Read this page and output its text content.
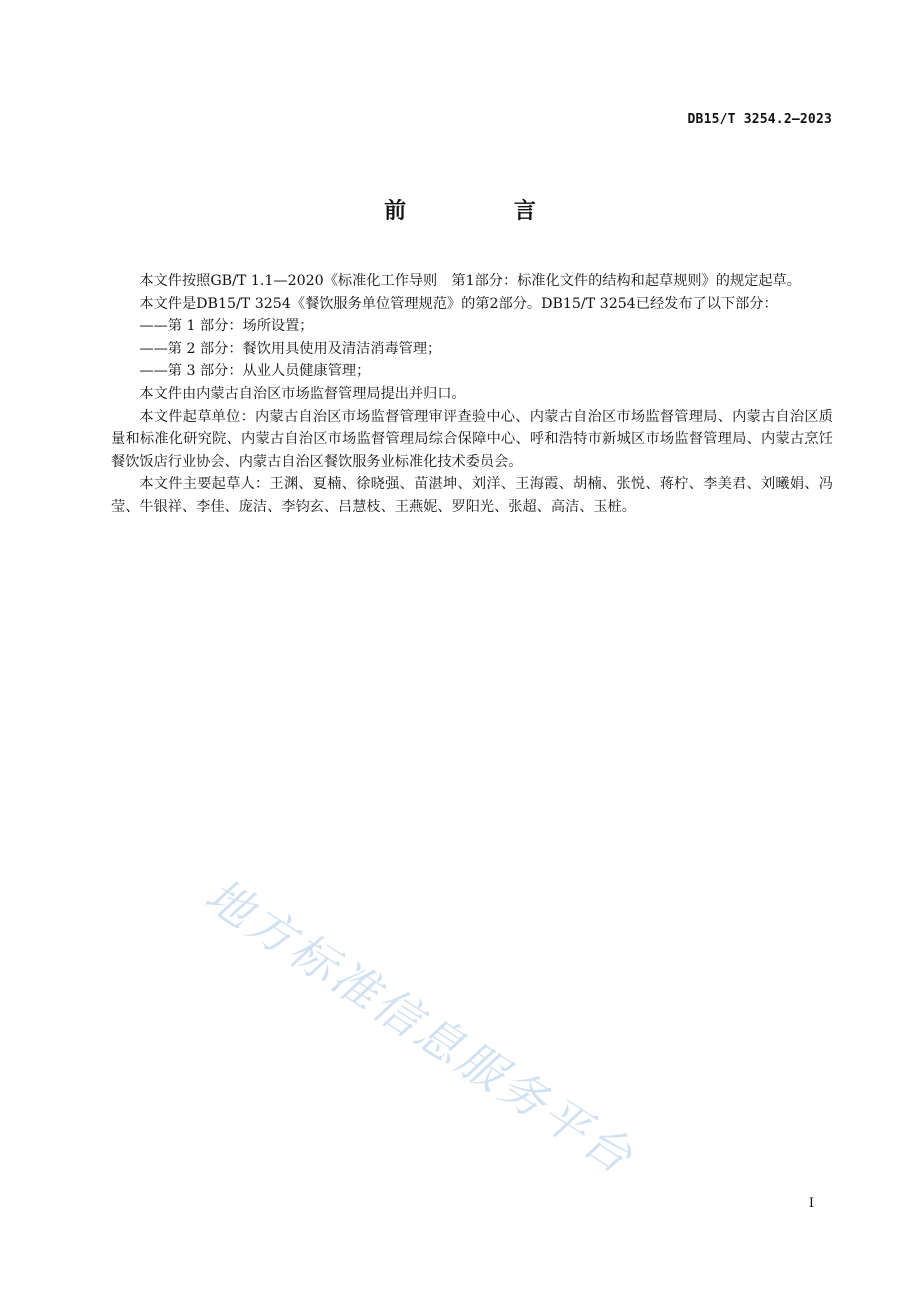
DB15/T 3254.2—2023
前 言

本文件按照GB/T 1.1—2020《标准化工作导则　第1部分：标准化文件的结构和起草规则》的规定起草。

本文件是DB15/T 3254《餐饮服务单位管理规范》的第2部分。DB15/T 3254已经发布了以下部分：

——第 1 部分：场所设置；

——第 2 部分：餐饮用具使用及清洁消毒管理；

——第 3 部分：从业人员健康管理；

本文件由内蒙古自治区市场监督管理局提出并归口。

本文件起草单位：内蒙古自治区市场监督管理审评查验中心、内蒙古自治区市场监督管理局、内蒙古自治区质量和标准化研究院、内蒙古自治区市场监督管理局综合保障中心、呼和浩特市新城区市场监督管理局、内蒙古烹饪餐饮饭店行业协会、内蒙古自治区餐饮服务业标准化技术委员会。

本文件主要起草人：王渊、夏楠、徐晓强、苗湛坤、刘洋、王海霞、胡楠、张悦、蒋柠、李美君、刘曦娟、冯莹、牛银祥、李佳、庞洁、李钧玄、吕慧枝、王燕妮、罗阳光、张超、高洁、玉桩。

地方标准信息服务平台
I
